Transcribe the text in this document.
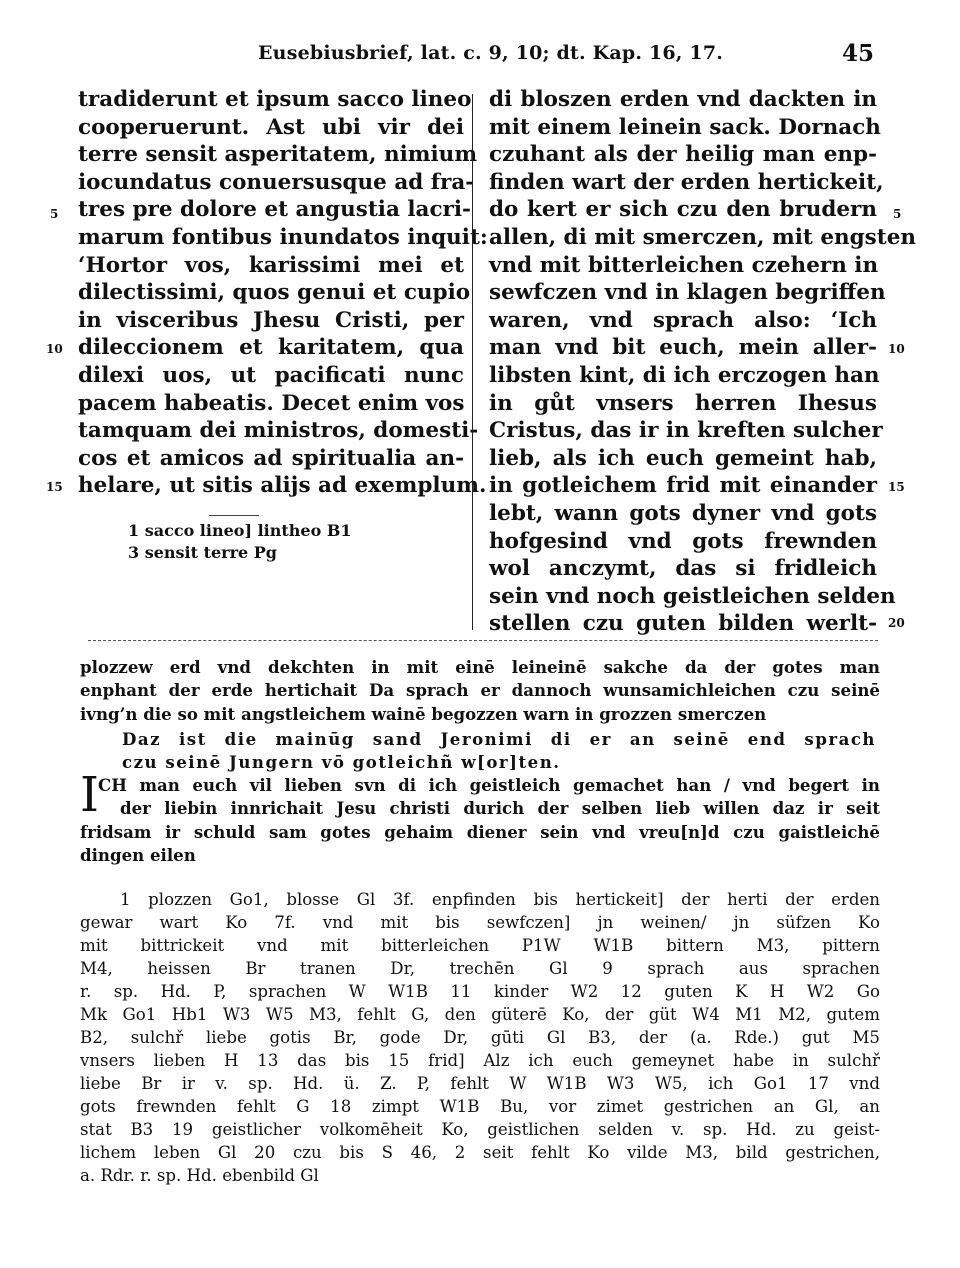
Eusebiusbrief, lat. c. 9, 10; dt. Kap. 16, 17.	45
tradiderunt et ipsum sacco lineo
cooperuerunt. Ast ubi vir dei
terre sensit asperitatem, nimium
iocundatus conuersusque ad fra-
tres pre dolore et angustia lacri-
marum fontibus inundatos inquit:
‘Hortor vos, karissimi mei et
dilectissimi, quos genui et cupio
in visceribus Jhesu Cristi, per
dileccionem et karitatem, qua
dilexi uos, ut pacificati nunc
pacem habeatis. Decet enim vos
tamquam dei ministros, domesti-
cos et amicos ad spiritualia an-
helare, ut sitis alijs ad exemplum.
5
10
15
di bloszen erden vnd dackten in
mit einem leinein sack. Dornach
czuhant als der heilig man enp-
finden wart der erden hertickeit,
do kert er sich czu den brudern
allen, di mit smerczen, mit engsten
vnd mit bitterleichen czehern in
sewfczen vnd in klagen begriffen
waren, vnd sprach also: ‘Ich
man vnd bit euch, mein aller-
libsten kint, di ich erczogen han
in gůt vnsers herren Ihesus
Cristus, das ir in kreften sulcher
lieb, als ich euch gemeint hab,
in gotleichem frid mit einander
lebt, wann gots dyner vnd gots
hofgesind vnd gots frewnden
wol anczymt, das si fridleich
sein vnd noch geistleichen selden
stellen czu guten bilden werlt-
5
10
15
20
1 sacco lineo] lintheo B1
3 sensit terre Pg
plozzew erd vnd dekchten in mit einē leineinē sakche da der gotes man
enphant der erde hertichait Da sprach er dannoch wunsamichleichen czu seinē
ivng’n die so mit angstleichem wainē begozzen warn in grozzen smerczen
Daz ist die mainūg sand Jeronimi di er an seinē end sprach
czu seinē Jungern vō gotleichñ w[or]ten.
I CH man euch vil lieben svn di ich geistleich gemachet han / vnd begert in
der liebin innrichait Jesu christi durich der selben lieb willen daz ir seit
fridsam ir schuld sam gotes gehaim diener sein vnd vreu[n]d czu gaistleichē
dingen eilen
1 plozzen Go1, blosse Gl 3f. enpfinden bis hertickeit] der herti der erden
gewar wart Ko 7f. vnd mit bis sewfczen] jn weinen/ jn süfzen Ko
mit bittrickeit vnd mit bitterleichen P1W W1B bittern M3, pittern
M4, heissen Br tranen Dr, trechēn Gl 9 sprach aus sprachen
r. sp. Hd. P, sprachen W W1B 11 kinder W2 12 guten K H W2 Go
Mk Go1 Hb1 W3 W5 M3, fehlt G, den güterē Ko, der güt W4 M1 M2, gutem
B2, sulchř liebe gotis Br, gode Dr, gūti Gl B3, der (a. Rde.) gut M5
vnsers lieben H 13 das bis 15 frid] Alz ich euch gemeynet habe in sulchř
liebe Br ir v. sp. Hd. ü. Z. P, fehlt W W1B W3 W5, ich Go1 17 vnd
gots frewnden fehlt G 18 zimpt W1B Bu, vor zimet gestrichen an Gl, an
stat B3 19 geistlicher volkomēheit Ko, geistlichen selden v. sp. Hd. zu geist-
lichem leben Gl 20 czu bis S 46, 2 seit fehlt Ko vilde M3, bild gestrichen,
a. Rdr. r. sp. Hd. ebenbild Gl
